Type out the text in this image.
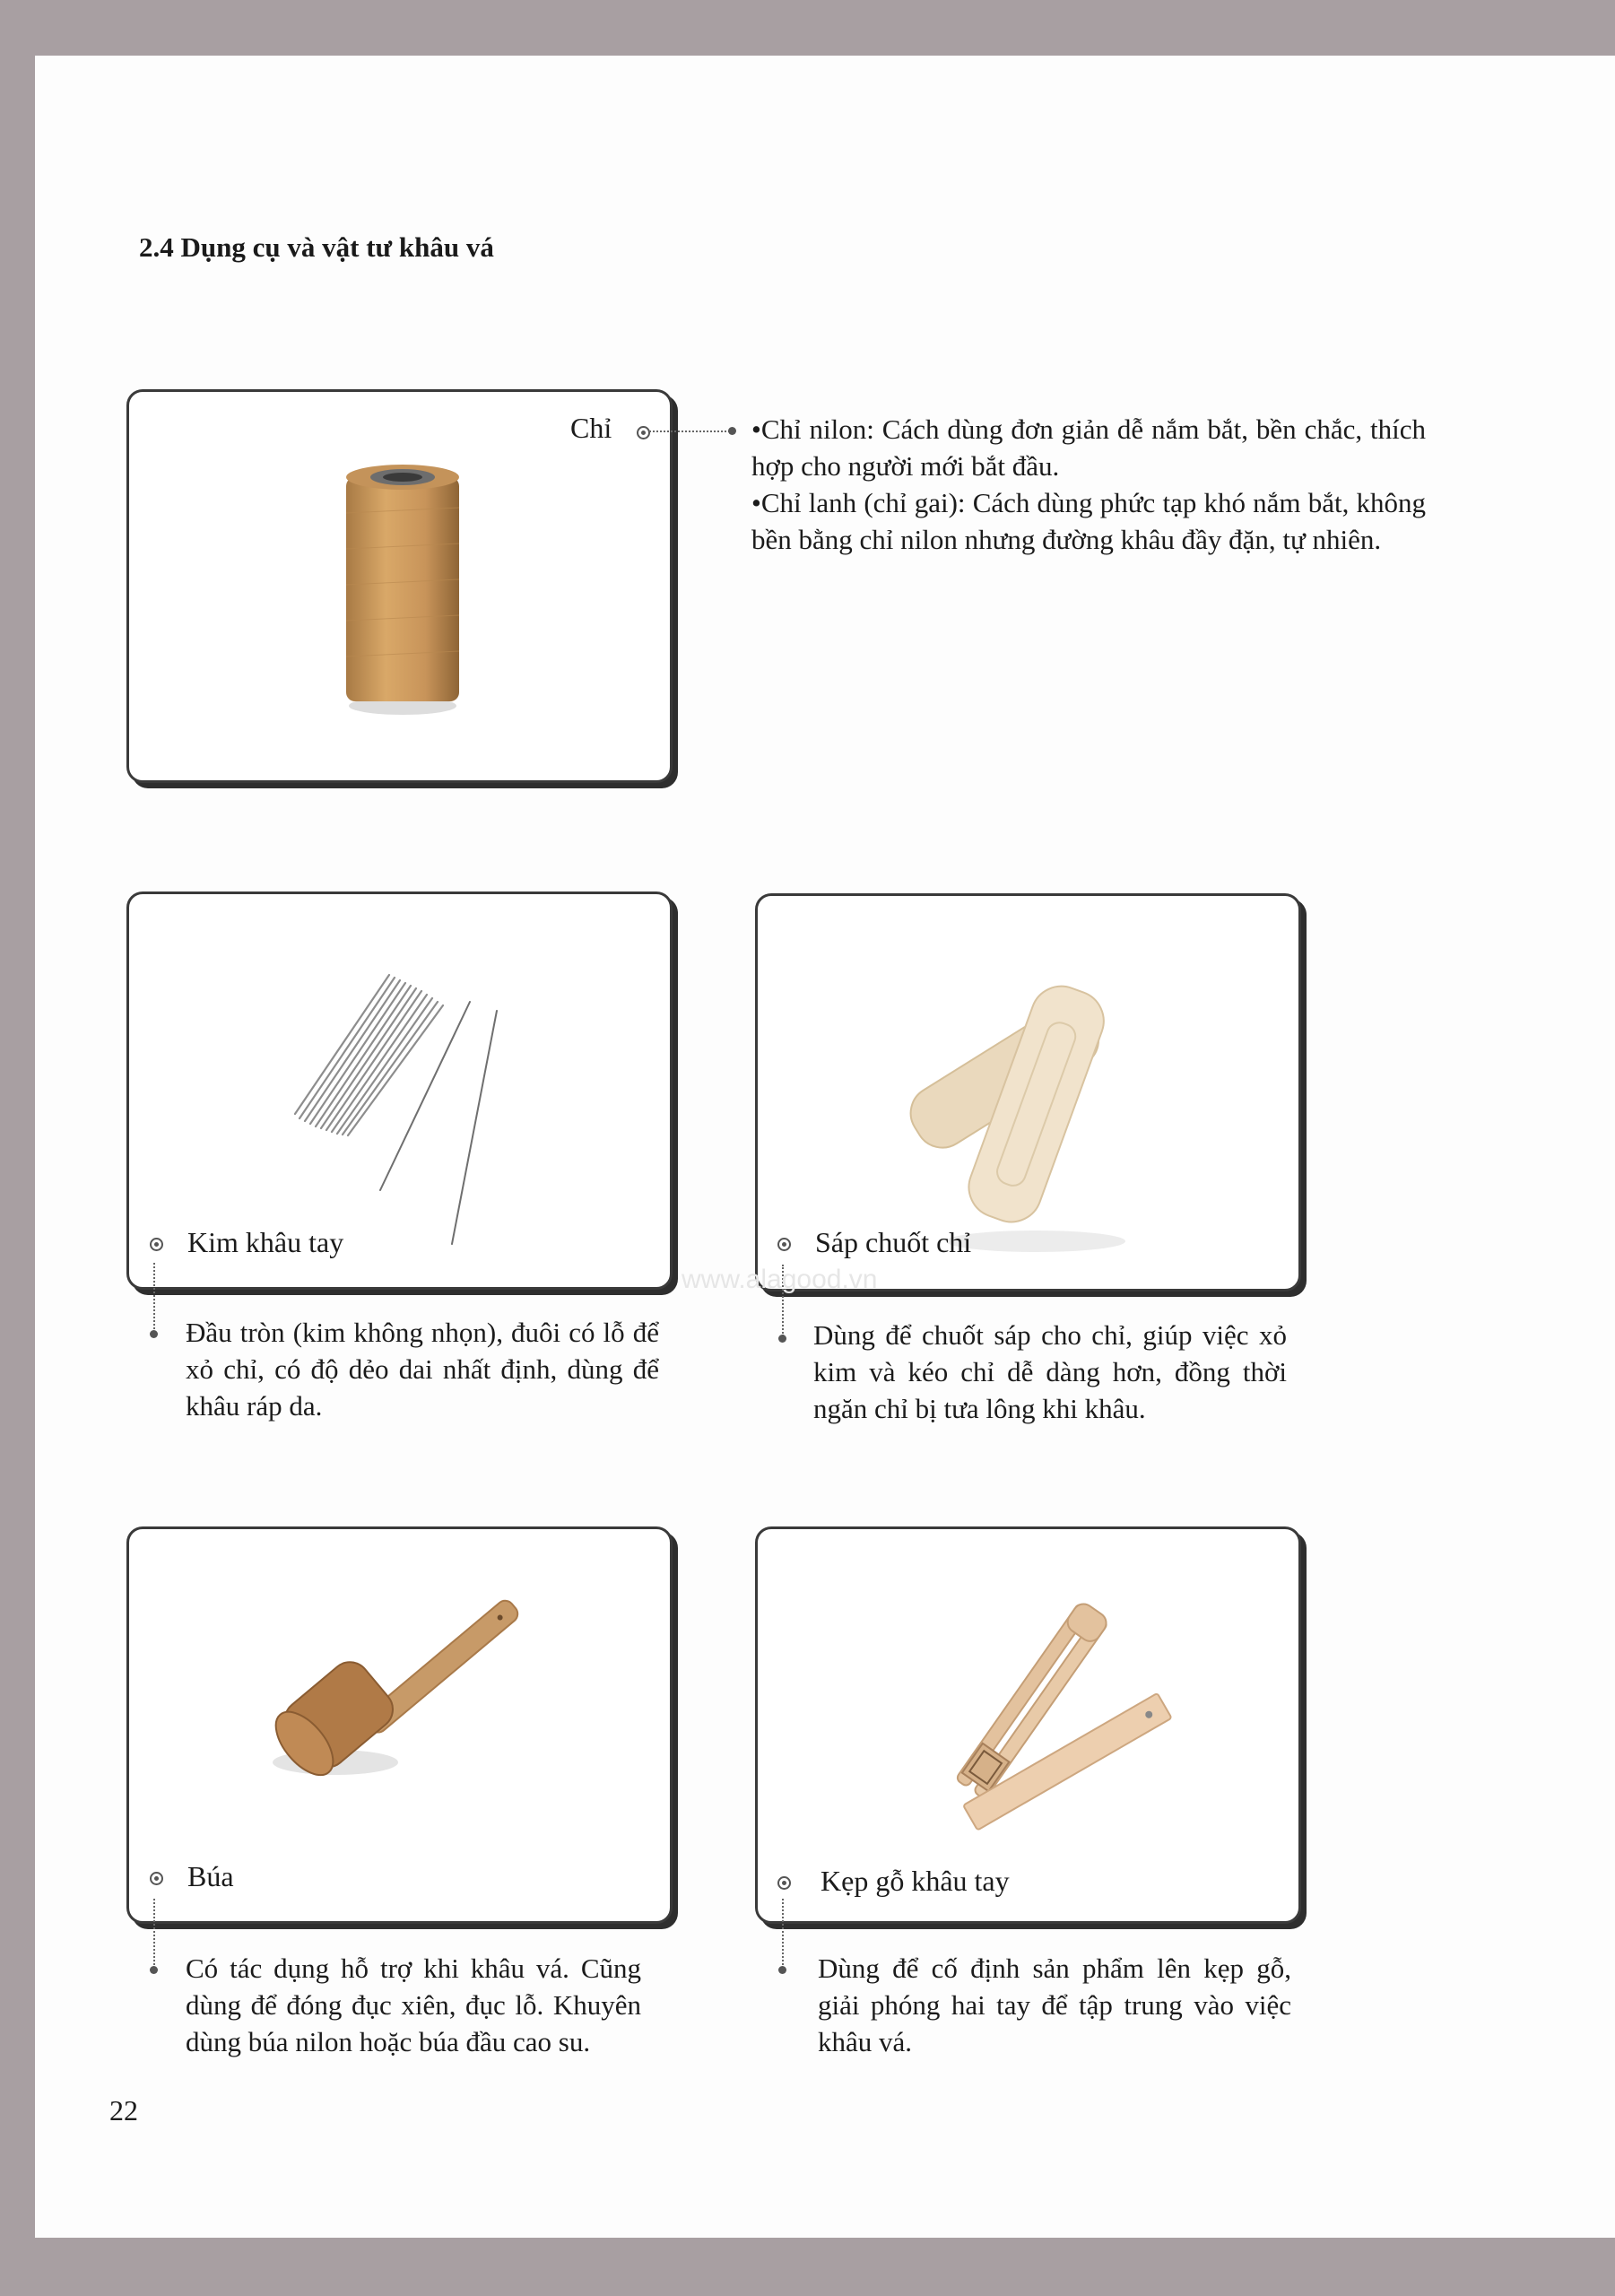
2.4 Dụng cụ và vật tư khâu vá
Chỉ	•Chỉ nilon: Cách dùng đơn giản dễ nắm bắt, bền chắc, thích hợp cho người mới bắt đầu.

•Chỉ lanh (chỉ gai): Cách dùng phức tạp khó nắm bắt, không bền bằng chỉ nilon nhưng đường khâu đầy đặn, tự nhiên.

Kim khâu tay

Đầu tròn (kim không nhọn), đuôi có lỗ để xỏ chỉ, có độ dẻo dai nhất định, dùng để khâu ráp da.

Sáp chuốt chỉ

Dùng để chuốt sáp cho chỉ, giúp việc xỏ kim và kéo chỉ dễ dàng hơn, đồng thời ngăn chỉ bị tưa lông khi khâu.

Búa

Có tác dụng hỗ trợ khi khâu vá. Cũng dùng để đóng đục xiên, đục lỗ. Khuyên dùng búa nilon hoặc búa đầu cao su.

Kẹp gỗ khâu tay

Dùng để cố định sản phẩm lên kẹp gỗ, giải phóng hai tay để tập trung vào việc khâu vá.

www.alagood.vn
22
